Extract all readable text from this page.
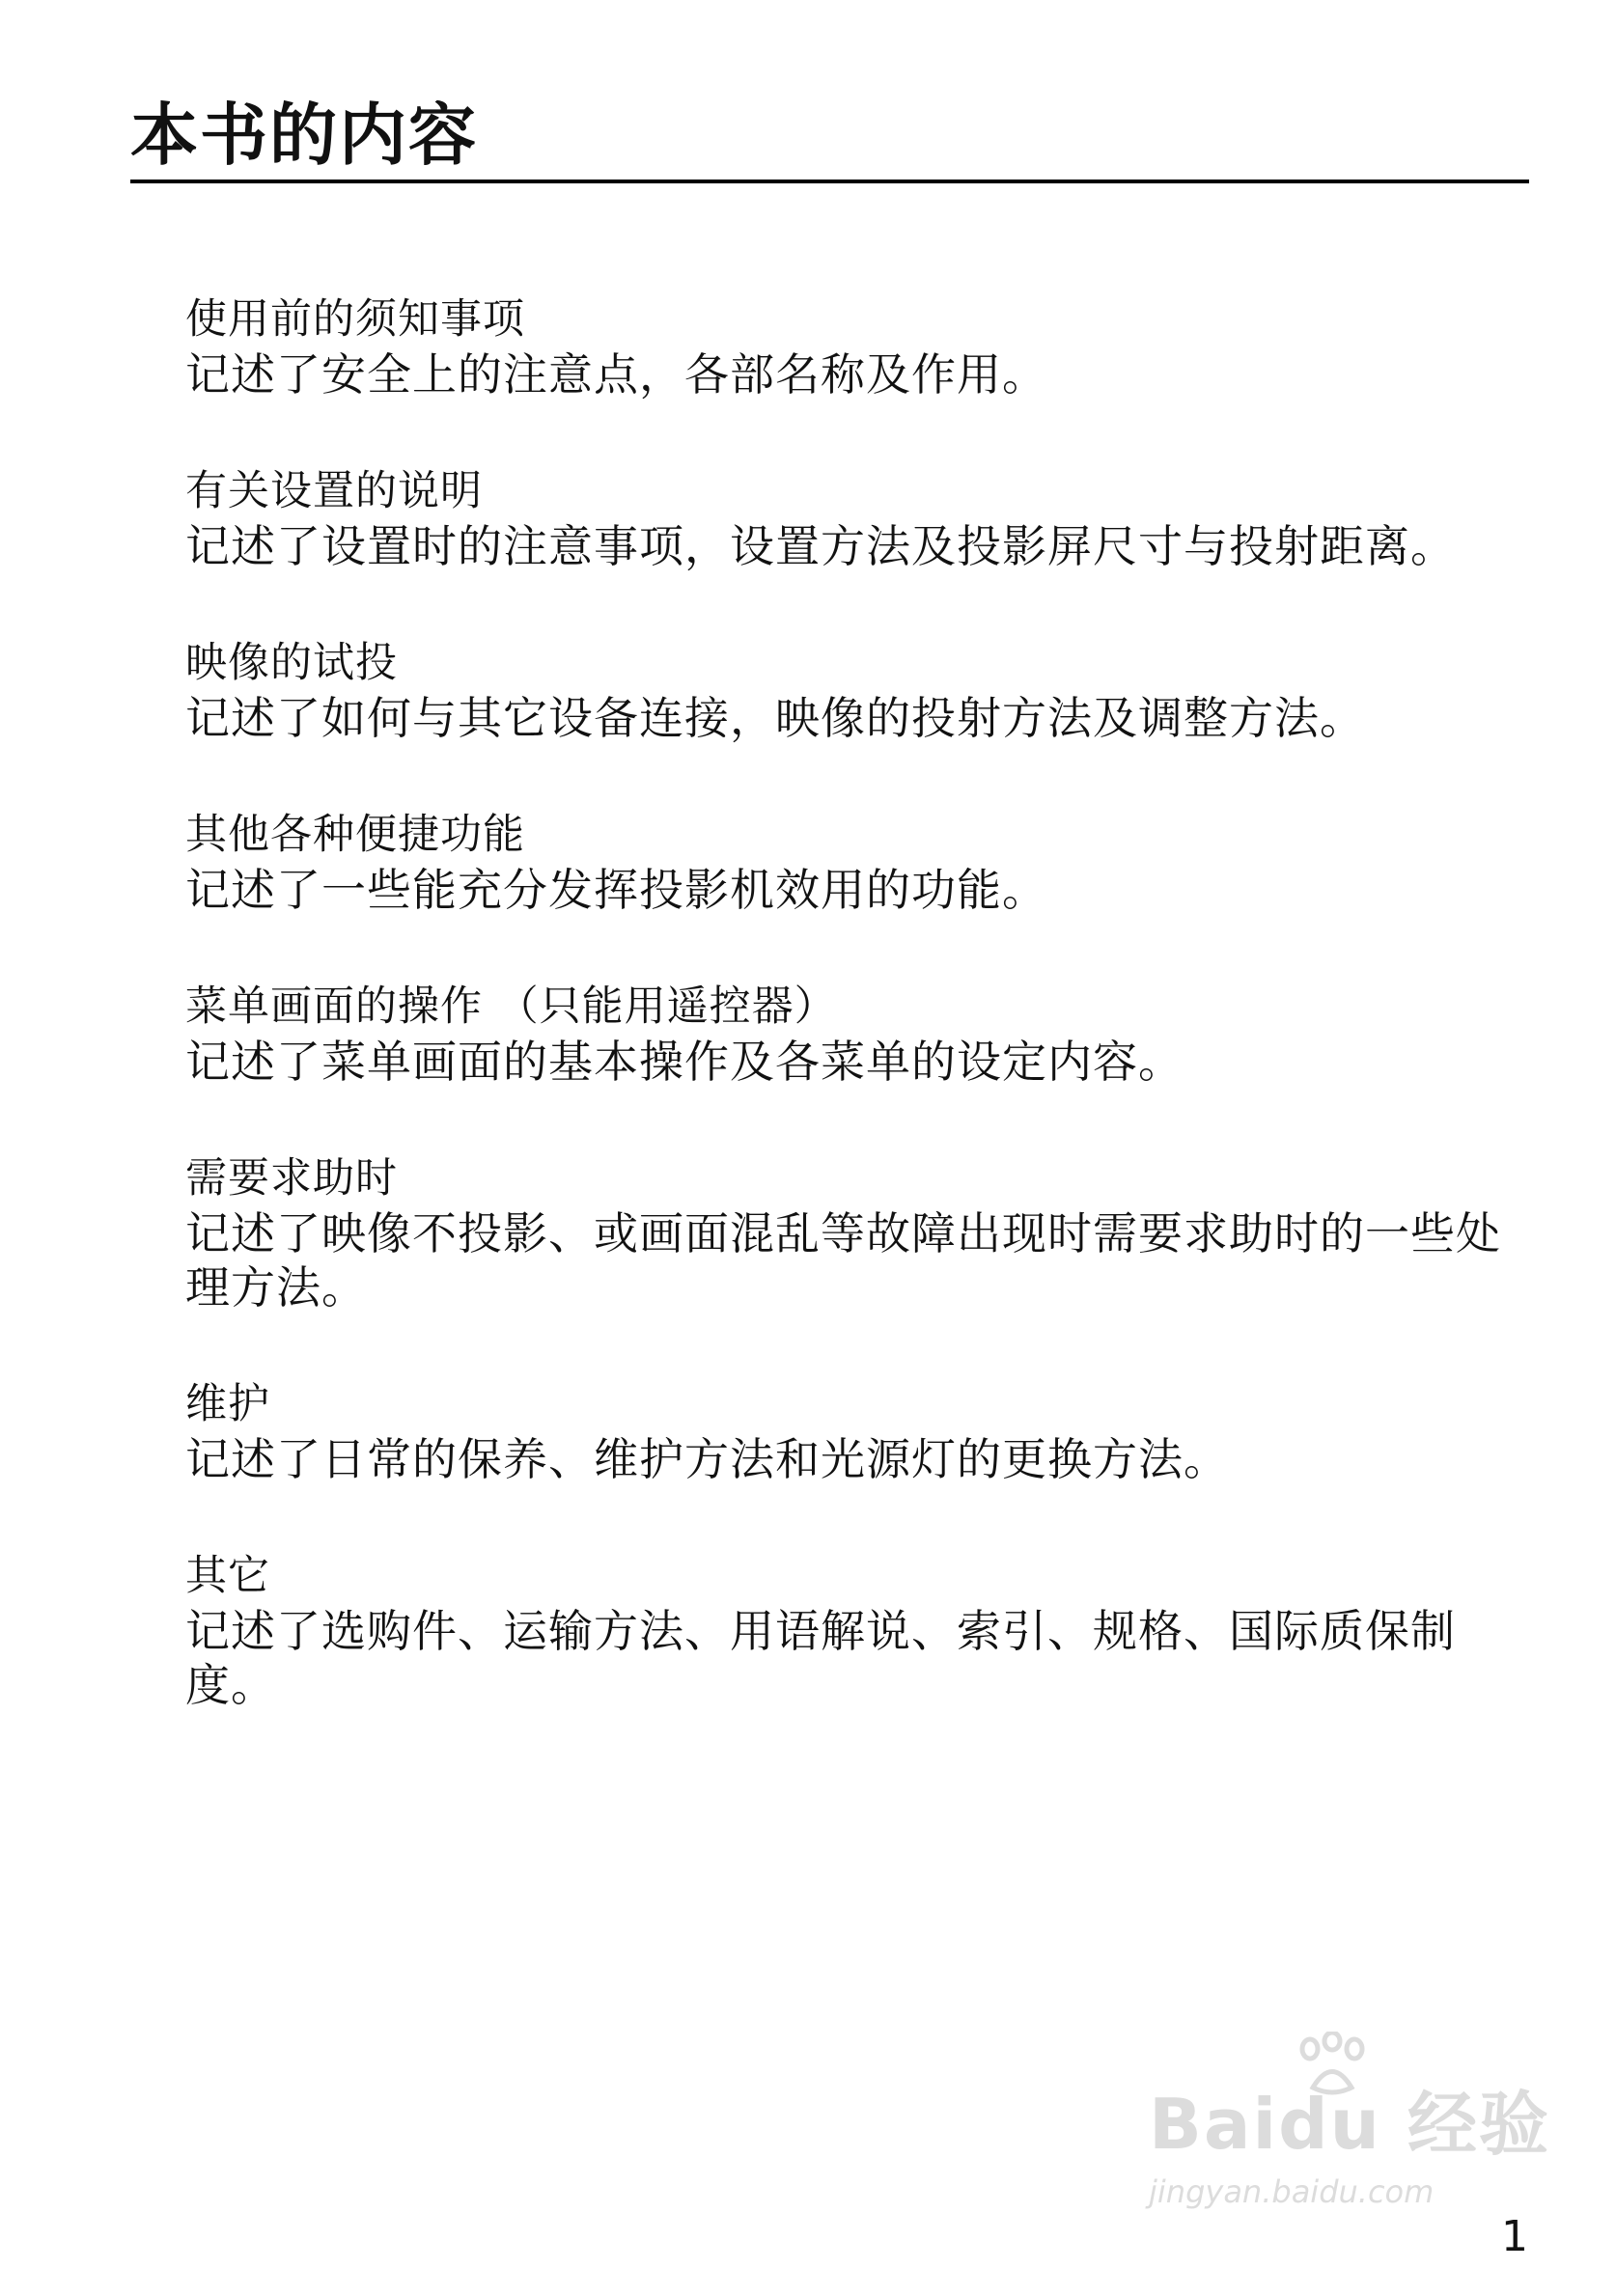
本书的内容
使用前的须知事项
记述了安全上的注意点，各部名称及作用。
有关设置的说明
记述了设置时的注意事项，设置方法及投影屏尺寸与投射距离。
映像的试投
记述了如何与其它设备连接，映像的投射方法及调整方法。
其他各种便捷功能
记述了一些能充分发挥投影机效用的功能。
菜单画面的操作 （只能用遥控器）
记述了菜单画面的基本操作及各菜单的设定内容。
需要求助时
记述了映像不投影、或画面混乱等故障出现时需要求助时的一些处理方法。
维护
记述了日常的保养、维护方法和光源灯的更换方法。
其它
记述了选购件、运输方法、用语解说、索引、规格、国际质保制度。
Baidu 经验
jingyan.baidu.com
1
